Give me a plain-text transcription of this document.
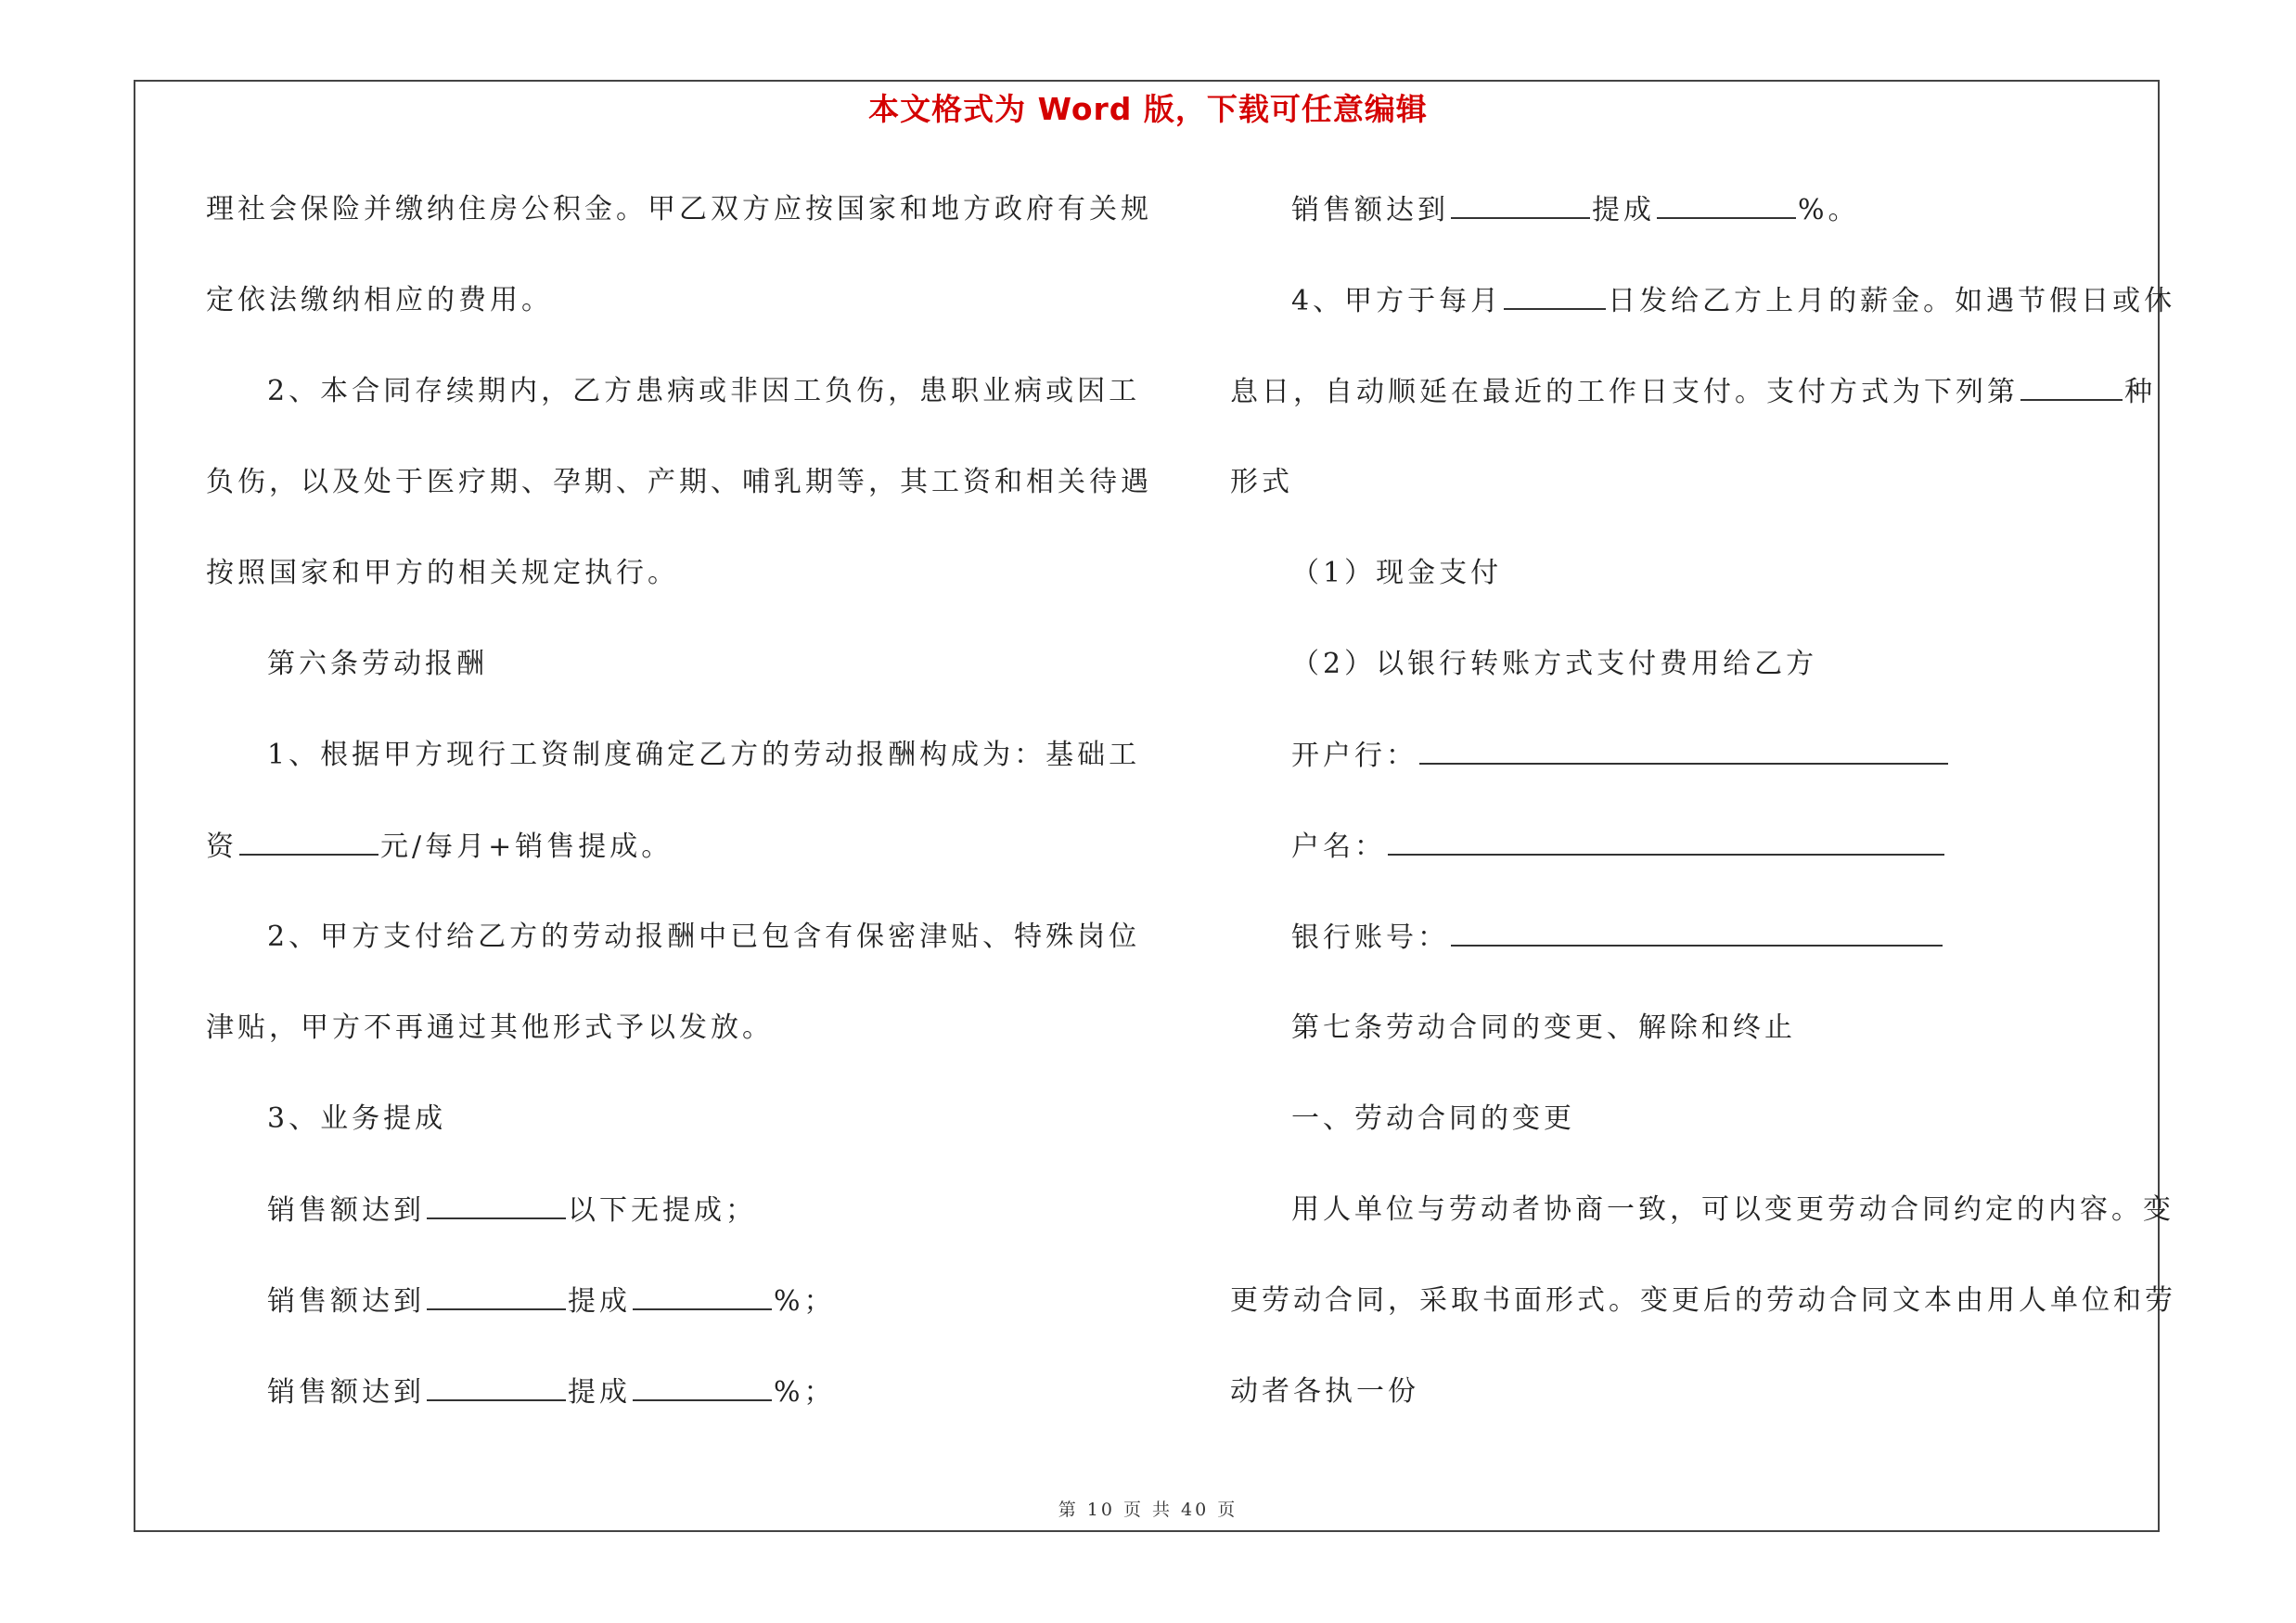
本文格式为 Word 版，下载可任意编辑
理社会保险并缴纳住房公积金。甲乙双方应按国家和地方政府有关规
定依法缴纳相应的费用。
2、本合同存续期内，乙方患病或非因工负伤，患职业病或因工
负伤，以及处于医疗期、孕期、产期、哺乳期等，其工资和相关待遇
按照国家和甲方的相关规定执行。
第六条劳动报酬
1、根据甲方现行工资制度确定乙方的劳动报酬构成为：基础工
资	元/每月+销售提成。
2、甲方支付给乙方的劳动报酬中已包含有保密津贴、特殊岗位
津贴，甲方不再通过其他形式予以发放。
3、业务提成
销售额达到	以下无提成；
销售额达到	提成	%；
销售额达到	提成	%；
销售额达到	提成	%。
4、甲方于每月	日发给乙方上月的薪金。如遇节假日或休
息日，自动顺延在最近的工作日支付。支付方式为下列第	种
形式
（1）现金支付
（2）以银行转账方式支付费用给乙方
开户行：
户名：
银行账号：
第七条劳动合同的变更、解除和终止
一、劳动合同的变更
用人单位与劳动者协商一致，可以变更劳动合同约定的内容。变
更劳动合同，采取书面形式。变更后的劳动合同文本由用人单位和劳
动者各执一份
第 10 页 共 40 页
